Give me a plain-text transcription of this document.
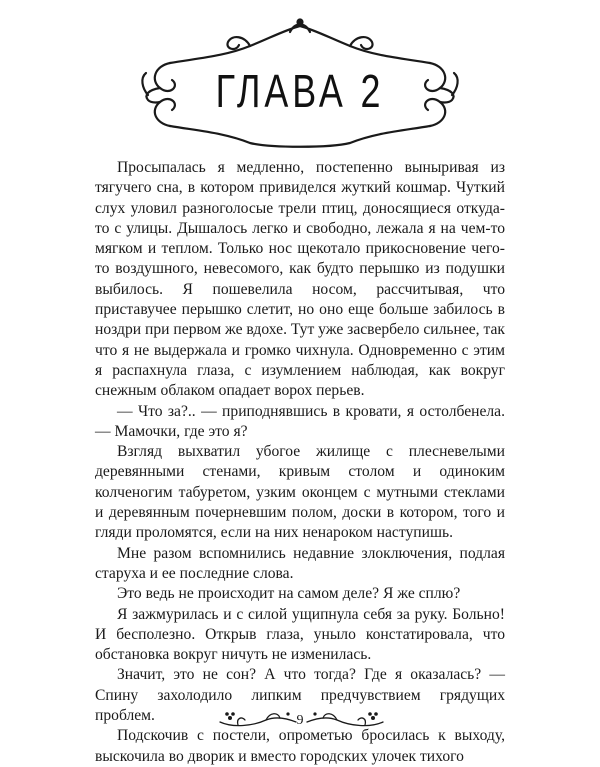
ГЛАВА 2

Просыпалась я медленно, постепенно выныривая из тягучего сна, в котором привиделся жуткий кошмар. Чуткий слух уловил разноголосые трели птиц, доносящиеся откуда-то с улицы. Дышалось легко и свободно, лежала я на чем-то мягком и теплом. Только нос щекотало прикосновение чего-то воздушного, невесомого, как будто перышко из подушки выбилось. Я пошевелила носом, рассчитывая, что приставучее перышко слетит, но оно еще больше забилось в ноздри при первом же вдохе. Тут уже засвербело сильнее, так что я не выдержала и громко чихнула. Одновременно с этим я распахнула глаза, с изумлением наблюдая, как вокруг снежным облаком опадает ворох перьев.

— Что за?.. — приподнявшись в кровати, я остолбенела. — Мамочки, где это я?

Взгляд выхватил убогое жилище с плесневелыми деревянными стенами, кривым столом и одиноким колченогим табуретом, узким оконцем с мутными стеклами и деревянным почерневшим полом, доски в котором, того и гляди проломятся, если на них ненароком наступишь.

Мне разом вспомнились недавние злоключения, подлая старуха и ее последние слова.

Это ведь не происходит на самом деле? Я же сплю?

Я зажмурилась и с силой ущипнула себя за руку. Больно! И бесполезно. Открыв глаза, уныло констатировала, что обстановка вокруг ничуть не изменилась.

Значит, это не сон? А что тогда? Где я оказалась? — Спину захолодило липким предчувствием грядущих проблем.

Подскочив с постели, опрометью бросилась к выходу, выскочила во дворик и вместо городских улочек тихого

9
